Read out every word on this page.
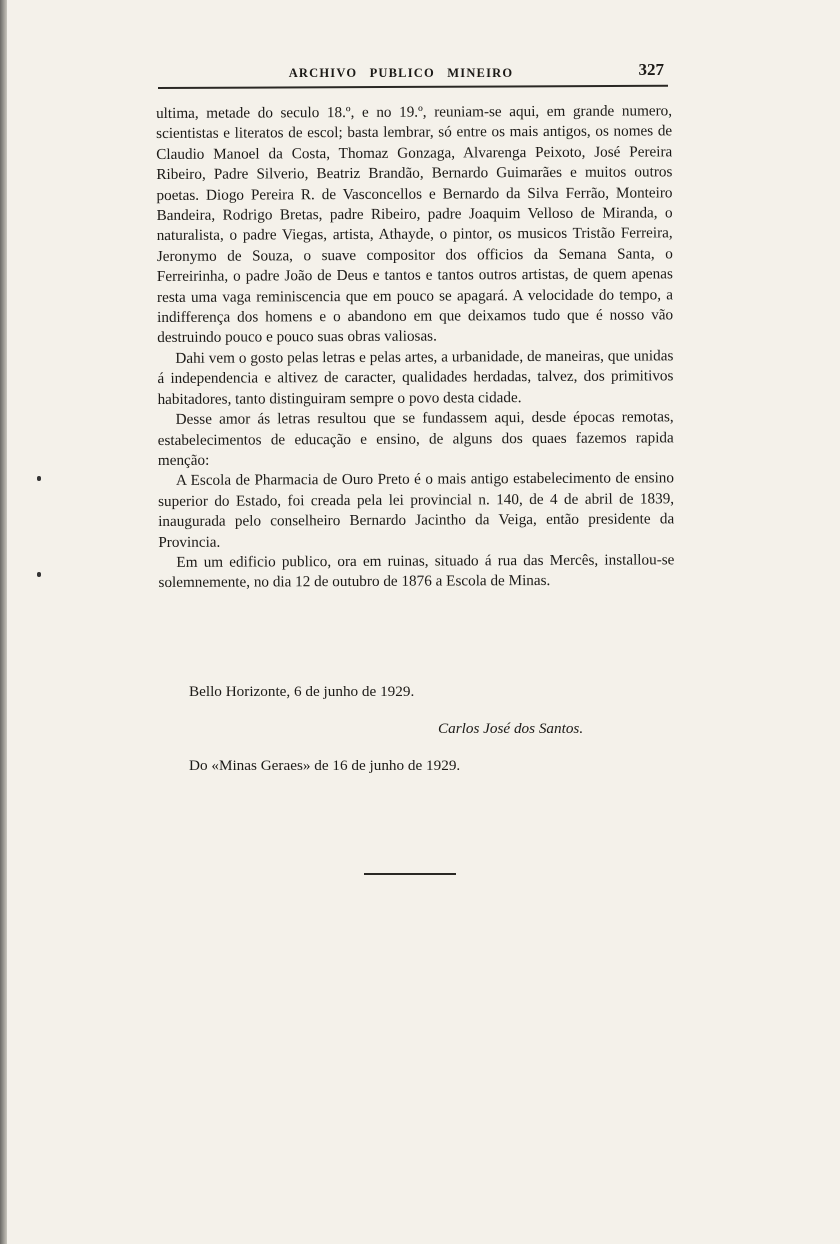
ARCHIVO PUBLICO MINEIRO	327

ultima, metade do seculo 18.º, e no 19.º, reuniam-se aqui, em grande numero, scientistas e literatos de escol; basta lembrar, só entre os mais antigos, os nomes de Claudio Manoel da Costa, Thomaz Gonzaga, Alvarenga Peixoto, José Pereira Ribeiro, Padre Silverio, Beatriz Brandão, Bernardo Guimarães e muitos outros poetas. Diogo Pereira R. de Vasconcellos e Bernardo da Silva Ferrão, Monteiro Bandeira, Rodrigo Bretas, padre Ribeiro, padre Joaquim Velloso de Miranda, o naturalista, o padre Viegas, artista, Athayde, o pintor, os musicos Tristão Ferreira, Jeronymo de Souza, o suave compositor dos officios da Semana Santa, o Ferreirinha, o padre João de Deus e tantos e tantos outros artistas, de quem apenas resta uma vaga reminiscencia que em pouco se apagará. A velocidade do tempo, a indifferença dos homens e o abandono em que deixamos tudo que é nosso vão destruindo pouco e pouco suas obras valiosas.

Dahi vem o gosto pelas letras e pelas artes, a urbanidade, de maneiras, que unidas á independencia e altivez de caracter, qualidades herdadas, talvez, dos primitivos habitadores, tanto distinguiram sempre o povo desta cidade.

Desse amor ás letras resultou que se fundassem aqui, desde épocas remotas, estabelecimentos de educação e ensino, de alguns dos quaes fazemos rapida menção:

A Escola de Pharmacia de Ouro Preto é o mais antigo estabelecimento de ensino superior do Estado, foi creada pela lei provincial n. 140, de 4 de abril de 1839, inaugurada pelo conselheiro Bernardo Jacintho da Veiga, então presidente da Provincia.

Em um edificio publico, ora em ruinas, situado á rua das Mercês, installou-se solemnemente, no dia 12 de outubro de 1876 a Escola de Minas.

Bello Horizonte, 6 de junho de 1929.
Carlos José dos Santos.
Do «Minas Geraes» de 16 de junho de 1929.
